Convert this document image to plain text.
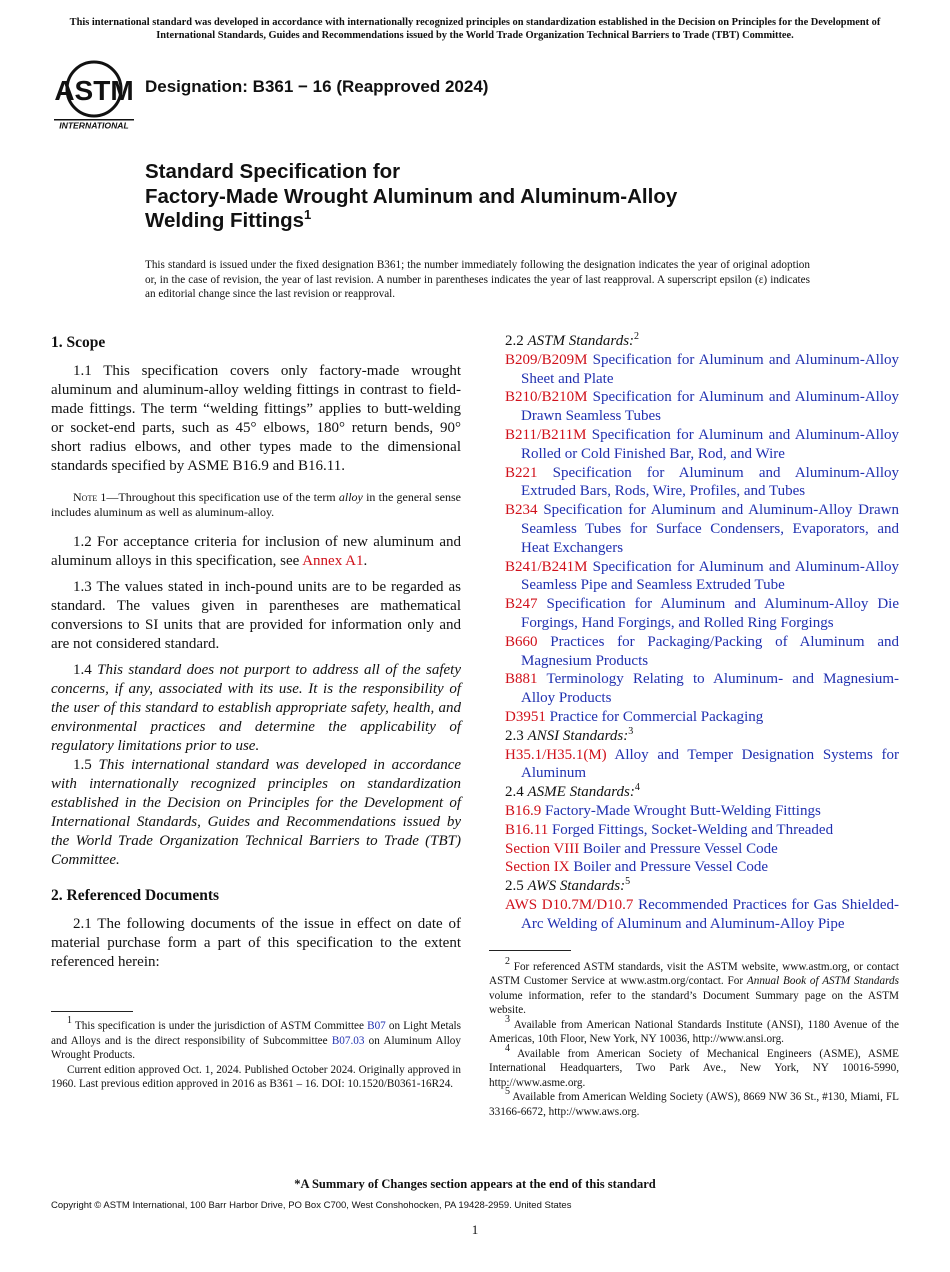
This international standard was developed in accordance with internationally recognized principles on standardization established in the Decision on Principles for the Development of International Standards, Guides and Recommendations issued by the World Trade Organization Technical Barriers to Trade (TBT) Committee.
ASTM
INTERNATIONAL
Designation: B361 − 16 (Reapproved 2024)
Standard Specification for
Factory-Made Wrought Aluminum and Aluminum-Alloy
Welding Fittings$^1$
This standard is issued under the fixed designation B361; the number immediately following the designation indicates the year of original adoption or, in the case of revision, the year of last revision. A number in parentheses indicates the year of last reapproval. A superscript epsilon (ε) indicates an editorial change since the last revision or reapproval.

1. Scope

1.1 This specification covers only factory-made wrought aluminum and aluminum-alloy welding fittings in contrast to field-made fittings. The term “welding fittings” applies to butt-welding or socket-end parts, such as 45° elbows, 180° return bends, 90° short radius elbows, and other types made to the dimensional standards specified by ASME B16.9 and B16.11.

Note 1—Throughout this specification use of the term alloy in the general sense includes aluminum as well as aluminum-alloy.

1.2 For acceptance criteria for inclusion of new aluminum and aluminum alloys in this specification, see Annex A1.

1.3 The values stated in inch-pound units are to be regarded as standard. The values given in parentheses are mathematical conversions to SI units that are provided for information only and are not considered standard.

1.4 This standard does not purport to address all of the safety concerns, if any, associated with its use. It is the responsibility of the user of this standard to establish appropriate safety, health, and environmental practices and determine the applicability of regulatory limitations prior to use.

1.5 This international standard was developed in accordance with internationally recognized principles on standardization established in the Decision on Principles for the Development of International Standards, Guides and Recommendations issued by the World Trade Organization Technical Barriers to Trade (TBT) Committee.

2. Referenced Documents

2.1 The following documents of the issue in effect on date of material purchase form a part of this specification to the extent referenced herein:

$^1$ This specification is under the jurisdiction of ASTM Committee B07 on Light Metals and Alloys and is the direct responsibility of Subcommittee B07.03 on Aluminum Alloy Wrought Products.

Current edition approved Oct. 1, 2024. Published October 2024. Originally approved in 1960. Last previous edition approved in 2016 as B361 – 16. DOI: 10.1520/B0361-16R24.

2.2 ASTM Standards:$^2$
B209/B209M Specification for Aluminum and Aluminum-Alloy Sheet and Plate
B210/B210M Specification for Aluminum and Aluminum-Alloy Drawn Seamless Tubes
B211/B211M Specification for Aluminum and Aluminum-Alloy Rolled or Cold Finished Bar, Rod, and Wire
B221 Specification for Aluminum and Aluminum-Alloy Extruded Bars, Rods, Wire, Profiles, and Tubes
B234 Specification for Aluminum and Aluminum-Alloy Drawn Seamless Tubes for Surface Condensers, Evaporators, and Heat Exchangers
B241/B241M Specification for Aluminum and Aluminum-Alloy Seamless Pipe and Seamless Extruded Tube
B247 Specification for Aluminum and Aluminum-Alloy Die Forgings, Hand Forgings, and Rolled Ring Forgings
B660 Practices for Packaging/Packing of Aluminum and Magnesium Products
B881 Terminology Relating to Aluminum- and Magnesium-Alloy Products
D3951 Practice for Commercial Packaging
2.3 ANSI Standards:$^3$
H35.1/H35.1(M) Alloy and Temper Designation Systems for Aluminum
2.4 ASME Standards:$^4$
B16.9 Factory-Made Wrought Butt-Welding Fittings
B16.11 Forged Fittings, Socket-Welding and Threaded
Section VIII Boiler and Pressure Vessel Code
Section IX Boiler and Pressure Vessel Code
2.5 AWS Standards:$^5$
AWS D10.7M/D10.7 Recommended Practices for Gas Shielded-Arc Welding of Aluminum and Aluminum-Alloy Pipe

$^2$ For referenced ASTM standards, visit the ASTM website, www.astm.org, or contact ASTM Customer Service at www.astm.org/contact. For Annual Book of ASTM Standards volume information, refer to the standard’s Document Summary page on the ASTM website.

$^3$ Available from American National Standards Institute (ANSI), 1180 Avenue of the Americas, 10th Floor, New York, NY 10036, http://www.ansi.org.

$^4$ Available from American Society of Mechanical Engineers (ASME), ASME International Headquarters, Two Park Ave., New York, NY 10016-5990, http://www.asme.org.

$^5$ Available from American Welding Society (AWS), 8669 NW 36 St., #130, Miami, FL 33166-6672, http://www.aws.org.

*A Summary of Changes section appears at the end of this standard
Copyright © ASTM International, 100 Barr Harbor Drive, PO Box C700, West Conshohocken, PA 19428-2959. United States
1
